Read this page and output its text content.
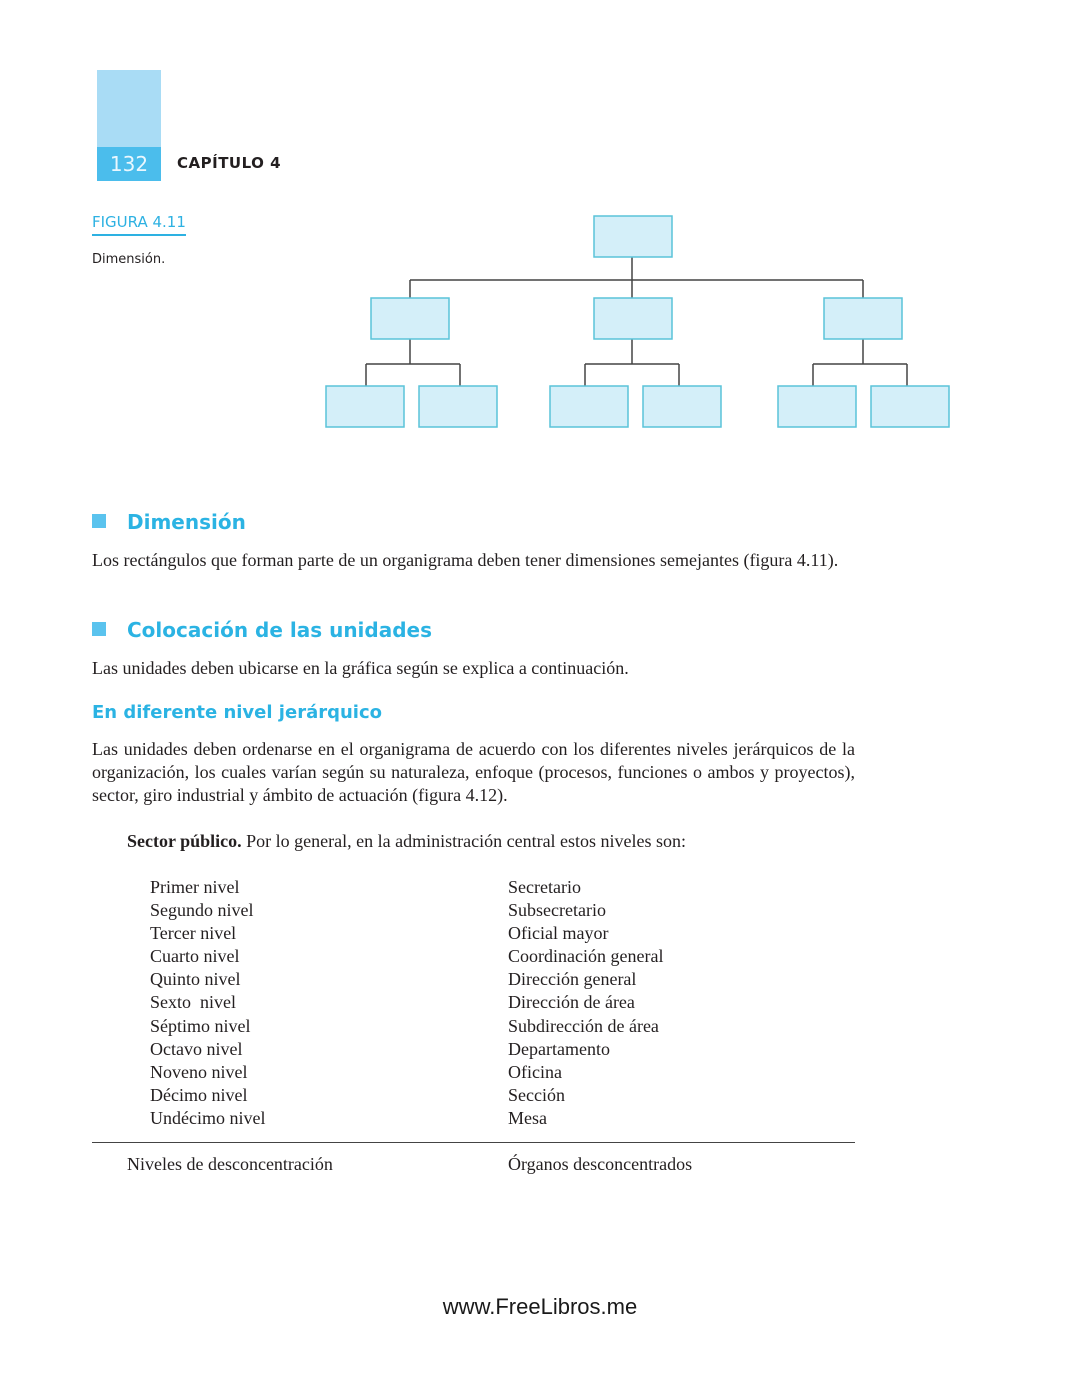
132	CAPÍTULO 4
FIGURA 4.11
Dimensión.
Dimensión
Los rectángulos que forman parte de un organigrama deben tener dimensiones semejantes (figura 4.11).
Colocación de las unidades
Las unidades deben ubicarse en la gráfica según se explica a continuación.
En diferente nivel jerárquico
Las unidades deben ordenarse en el organigrama de acuerdo con los diferentes niveles jerárquicos de la organización, los cuales varían según su naturaleza, enfoque (procesos, funciones o ambos y proyectos), sector, giro industrial y ámbito de actuación (figura 4.12).
Sector público. Por lo general, en la administración central estos niveles son:
Primer nivel	Secretario
Segundo nivel	Subsecretario
Tercer nivel	Oficial mayor
Cuarto nivel	Coordinación general
Quinto nivel	Dirección general
Sexto  nivel	Dirección de área
Séptimo nivel	Subdirección de área
Octavo nivel	Departamento
Noveno nivel	Oficina
Décimo nivel	Sección
Undécimo nivel	Mesa
Niveles de desconcentración	Órganos desconcentrados
www.FreeLibros.me
